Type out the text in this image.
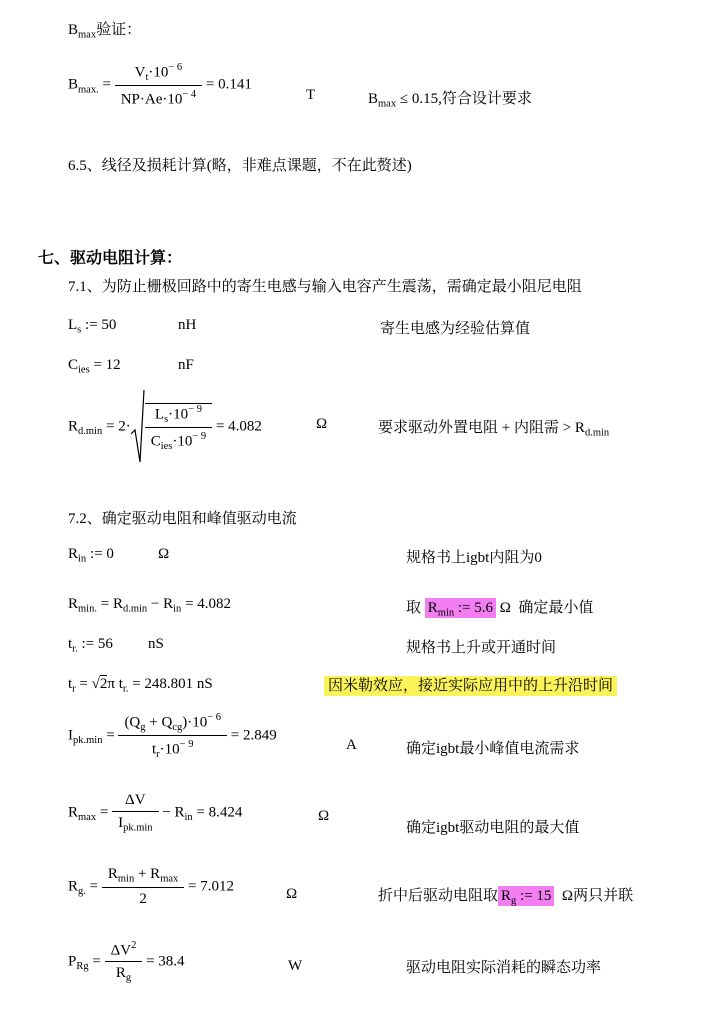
$B_{max}$验证：
$B_{max.} = \frac{V_t\cdot 10^{- 6}}{NP\cdot Ae\cdot 10^{- 4}} = 0.141$
T	$B_{max} \le 0.15$,符合设计要求
6.5、线径及损耗计算(略，非难点课题，不在此赘述)
七、驱动电阻计算：
7.1、为防止栅极回路中的寄生电感与输入电容产生震荡，需确定最小阻尼电阻
$L_s$ := 50	nH	寄生电感为经验估算值
$C_{ies} = 12$	nF
$R_{d.min} = 2\cdot \frac{L_s\cdot 10^{- 9}}{C_{ies}\cdot 10^{- 9}} = 4.082$	Ω	要求驱动外置电阻 + 内阻需 > $R_{d.min}$
7.2、确定驱动电阻和峰值驱动电流
$R_{in}$ := 0	Ω	规格书上igbt内阻为0
$R_{min.} = R_{d.min} - R_{in} = 4.082$	取 $R_{min}$ := 5.6 Ω 确定最小值
$t_{r.}$ := 56 nS	规格书上升或开通时间
$t_r = √2\pi$ $t_{r.} = 248.801$ nS	因米勒效应，接近实际应用中的上升沿时间
$I_{pk.min} = \frac{(Q_g + Q_{cg})\cdot 10^{- 6}}{t_r\cdot 10^{- 9}} = 2.849$
A	确定igbt最小峰值电流需求
$R_{max} = \frac{\Delta V}{I_{pk.min}} - R_{in} = 8.424$	Ω
确定igbt驱动电阻的最大值
$R_{g.} = \frac{R_{min} + R_{max}}{2} = 7.012$	Ω	折中后驱动电阻取 $R_g$ := 15 Ω两只并联
$P_{Rg} = \frac{\Delta V^2}{R_g} = 38.4$	W	驱动电阻实际消耗的瞬态功率
